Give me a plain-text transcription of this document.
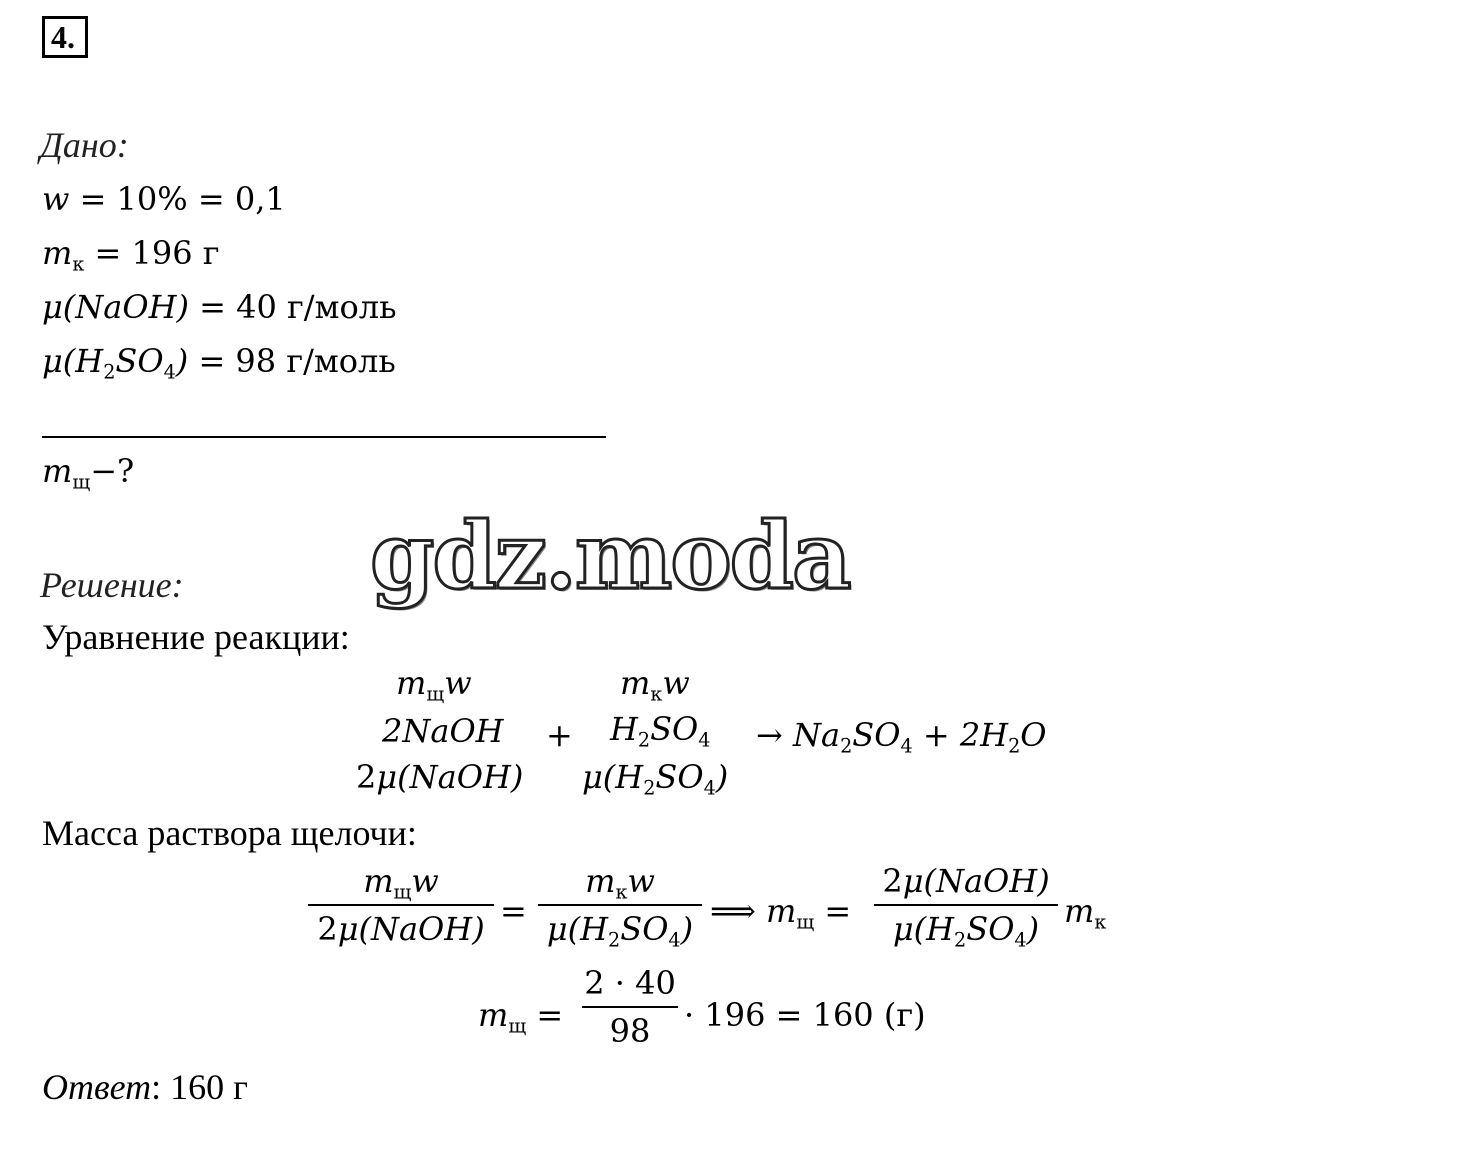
4.
Дано:
w = 10% = 0,1
$m_к = 196$ г
μ(NaOH) = 40 г/моль
$\mu(H_2SO_4) = 98$ г/моль
$m_щ-$?
gdz.moda
Решение:
Уравнение реакции:
$m_щw$	$m_кw$
2NaOH + $H_2SO_4 \to Na_2SO_4 + 2H_2O$
2μ(NaOH) $\mu(H_2SO_4)$
Масса раствора щелочи:
$m_щw$
2μ(NaOH) =
$m_кw$
$\mu(H_2SO_4)$ ⟹ $m_щ$ =
2μ(NaOH)
$\mu(H_2SO_4)$ $m_к$
$m_щ$ =
2 · 40
98 · 196 = 160 (г)
Ответ: 160 г
